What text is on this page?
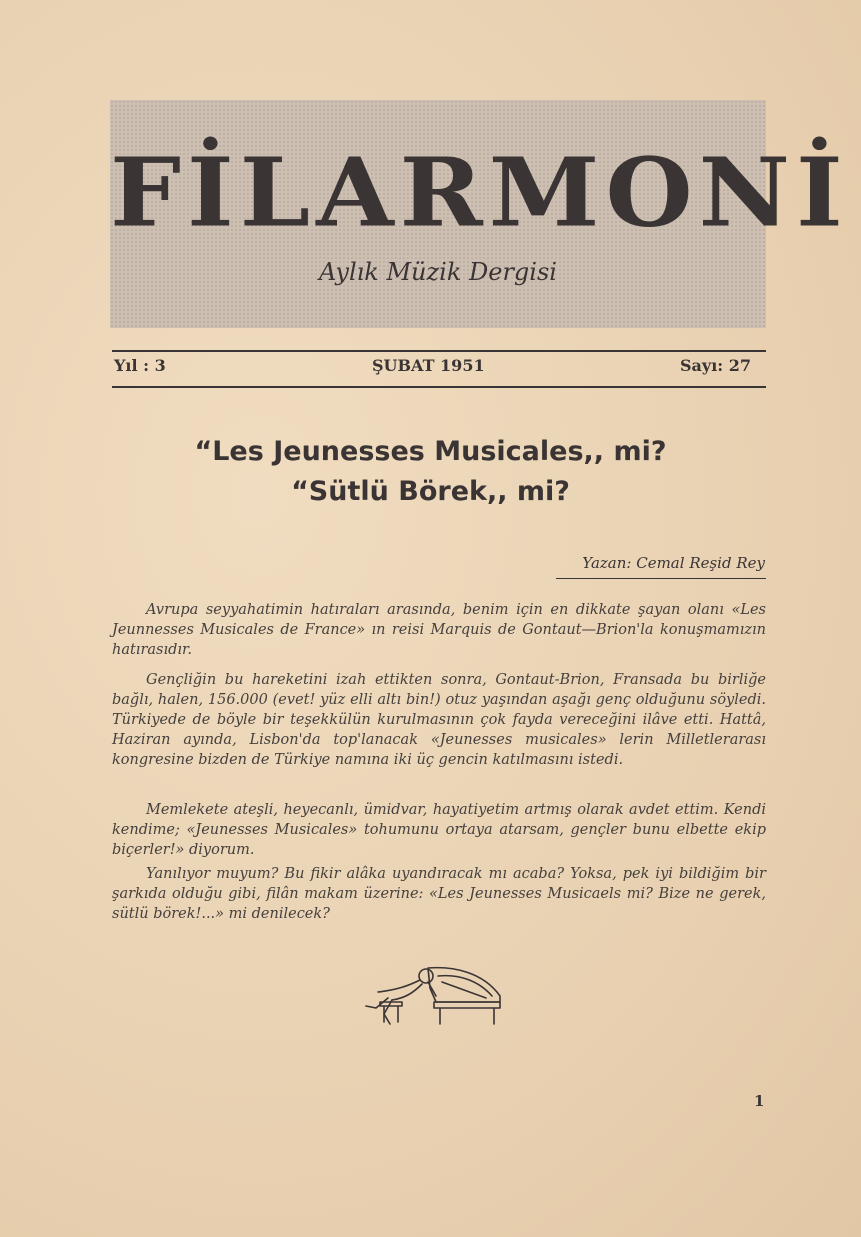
FİLARMONİ
Aylık Müzik Dergisi
Yıl : 3	ŞUBAT 1951	Sayı: 27
“Les Jeunesses Musicales,, mi?
“Sütlü Börek,, mi?
Yazan: Cemal Reşid Rey

Avrupa seyyahatimin hatıraları arasında, benim için en dikkate şayan olanı «Les Jeunnesses Musicales de France» ın reisi Marquis de Gontaut—Brion'la konuşmamızın hatırasıdır.

Gençliğin bu hareketini izah ettikten sonra, Gontaut-Brion, Fransada bu birliğe bağlı, halen, 156.000 (evet! yüz elli altı bin!) otuz yaşından aşağı genç olduğunu söyledi. Türkiyede de böyle bir teşekkülün kurulmasının çok fayda vereceğini ilâve etti. Hattâ, Haziran ayında, Lisbon'da top'lanacak «Jeunesses musicales» lerin Milletlerarası kongresine bizden de Türkiye namına iki üç gencin katılmasını istedi.

Memlekete ateşli, heyecanlı, ümidvar, hayatiyetim artmış olarak avdet ettim. Kendi kendime; «Jeunesses Musicales» tohumunu ortaya atarsam, gençler bunu elbette ekip biçerler!» diyorum.

Yanılıyor muyum? Bu fikir alâka uyandıracak mı acaba? Yoksa, pek iyi bildiğim bir şarkıda olduğu gibi, filân makam üzerine: «Les Jeunesses Musicaels mi? Bize ne gerek, sütlü börek!...» mi denilecek?

1
